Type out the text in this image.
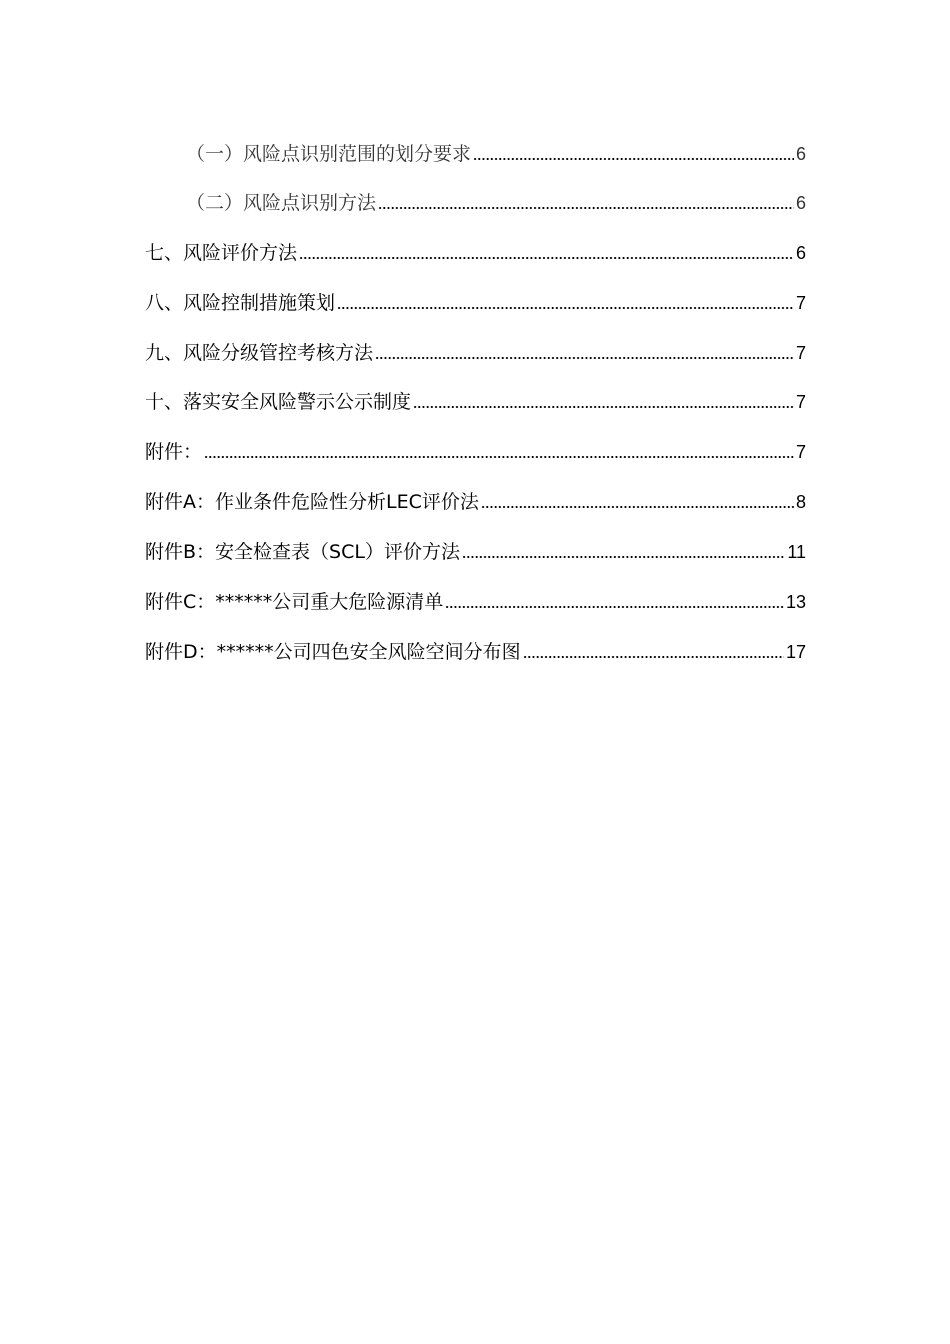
（一）风险点识别范围的划分要求	6
（二）风险点识别方法	6
七、风险评价方法	6
八、风险控制措施策划	7
九、风险分级管控考核方法	7
十、落实安全风险警示公示制度	7
附件：	7
附件A：作业条件危险性分析LEC评价法	8
附件B：安全检查表（SCL）评价方法	11
附件C：******公司重大危险源清单	13
附件D：******公司四色安全风险空间分布图	17
